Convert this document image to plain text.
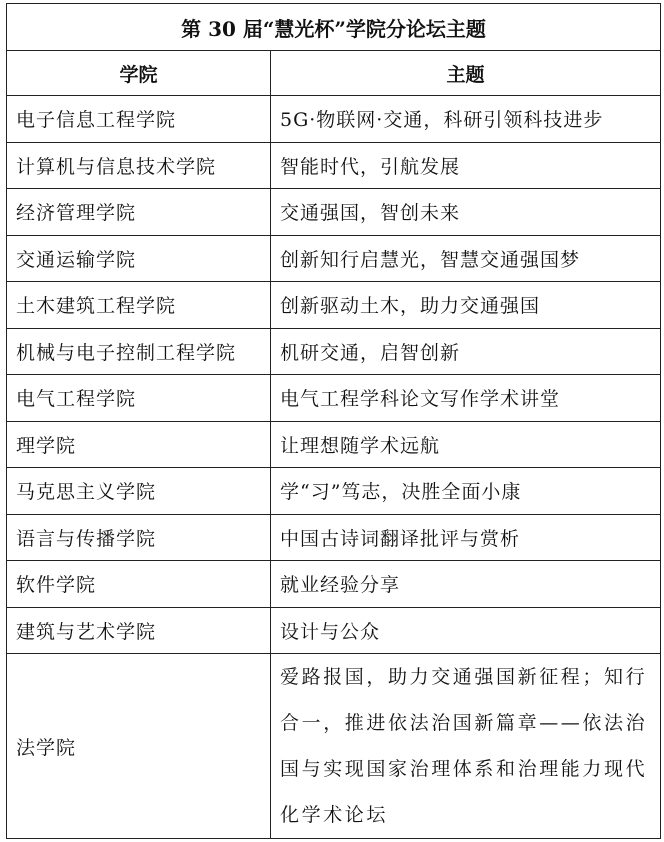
第 30 届“慧光杯”学院分论坛主题	
学院	主题
电子信息工程学院	5G·物联网·交通，科研引领科技进步
计算机与信息技术学院	智能时代，引航发展
经济管理学院	交通强国，智创未来
交通运输学院	创新知行启慧光，智慧交通强国梦
土木建筑工程学院	创新驱动土木，助力交通强国
机械与电子控制工程学院	机研交通，启智创新
电气工程学院	电气工程学科论文写作学术讲堂
理学院	让理想随学术远航
马克思主义学院	学“习”笃志，决胜全面小康
语言与传播学院	中国古诗词翻译批评与赏析
软件学院	就业经验分享
建筑与艺术学院	设计与公众
法学院	爱路报国，助力交通强国新征程；知行合一，推进依法治国新篇章——依法治国与实现国家治理体系和治理能力现代化学术论坛
